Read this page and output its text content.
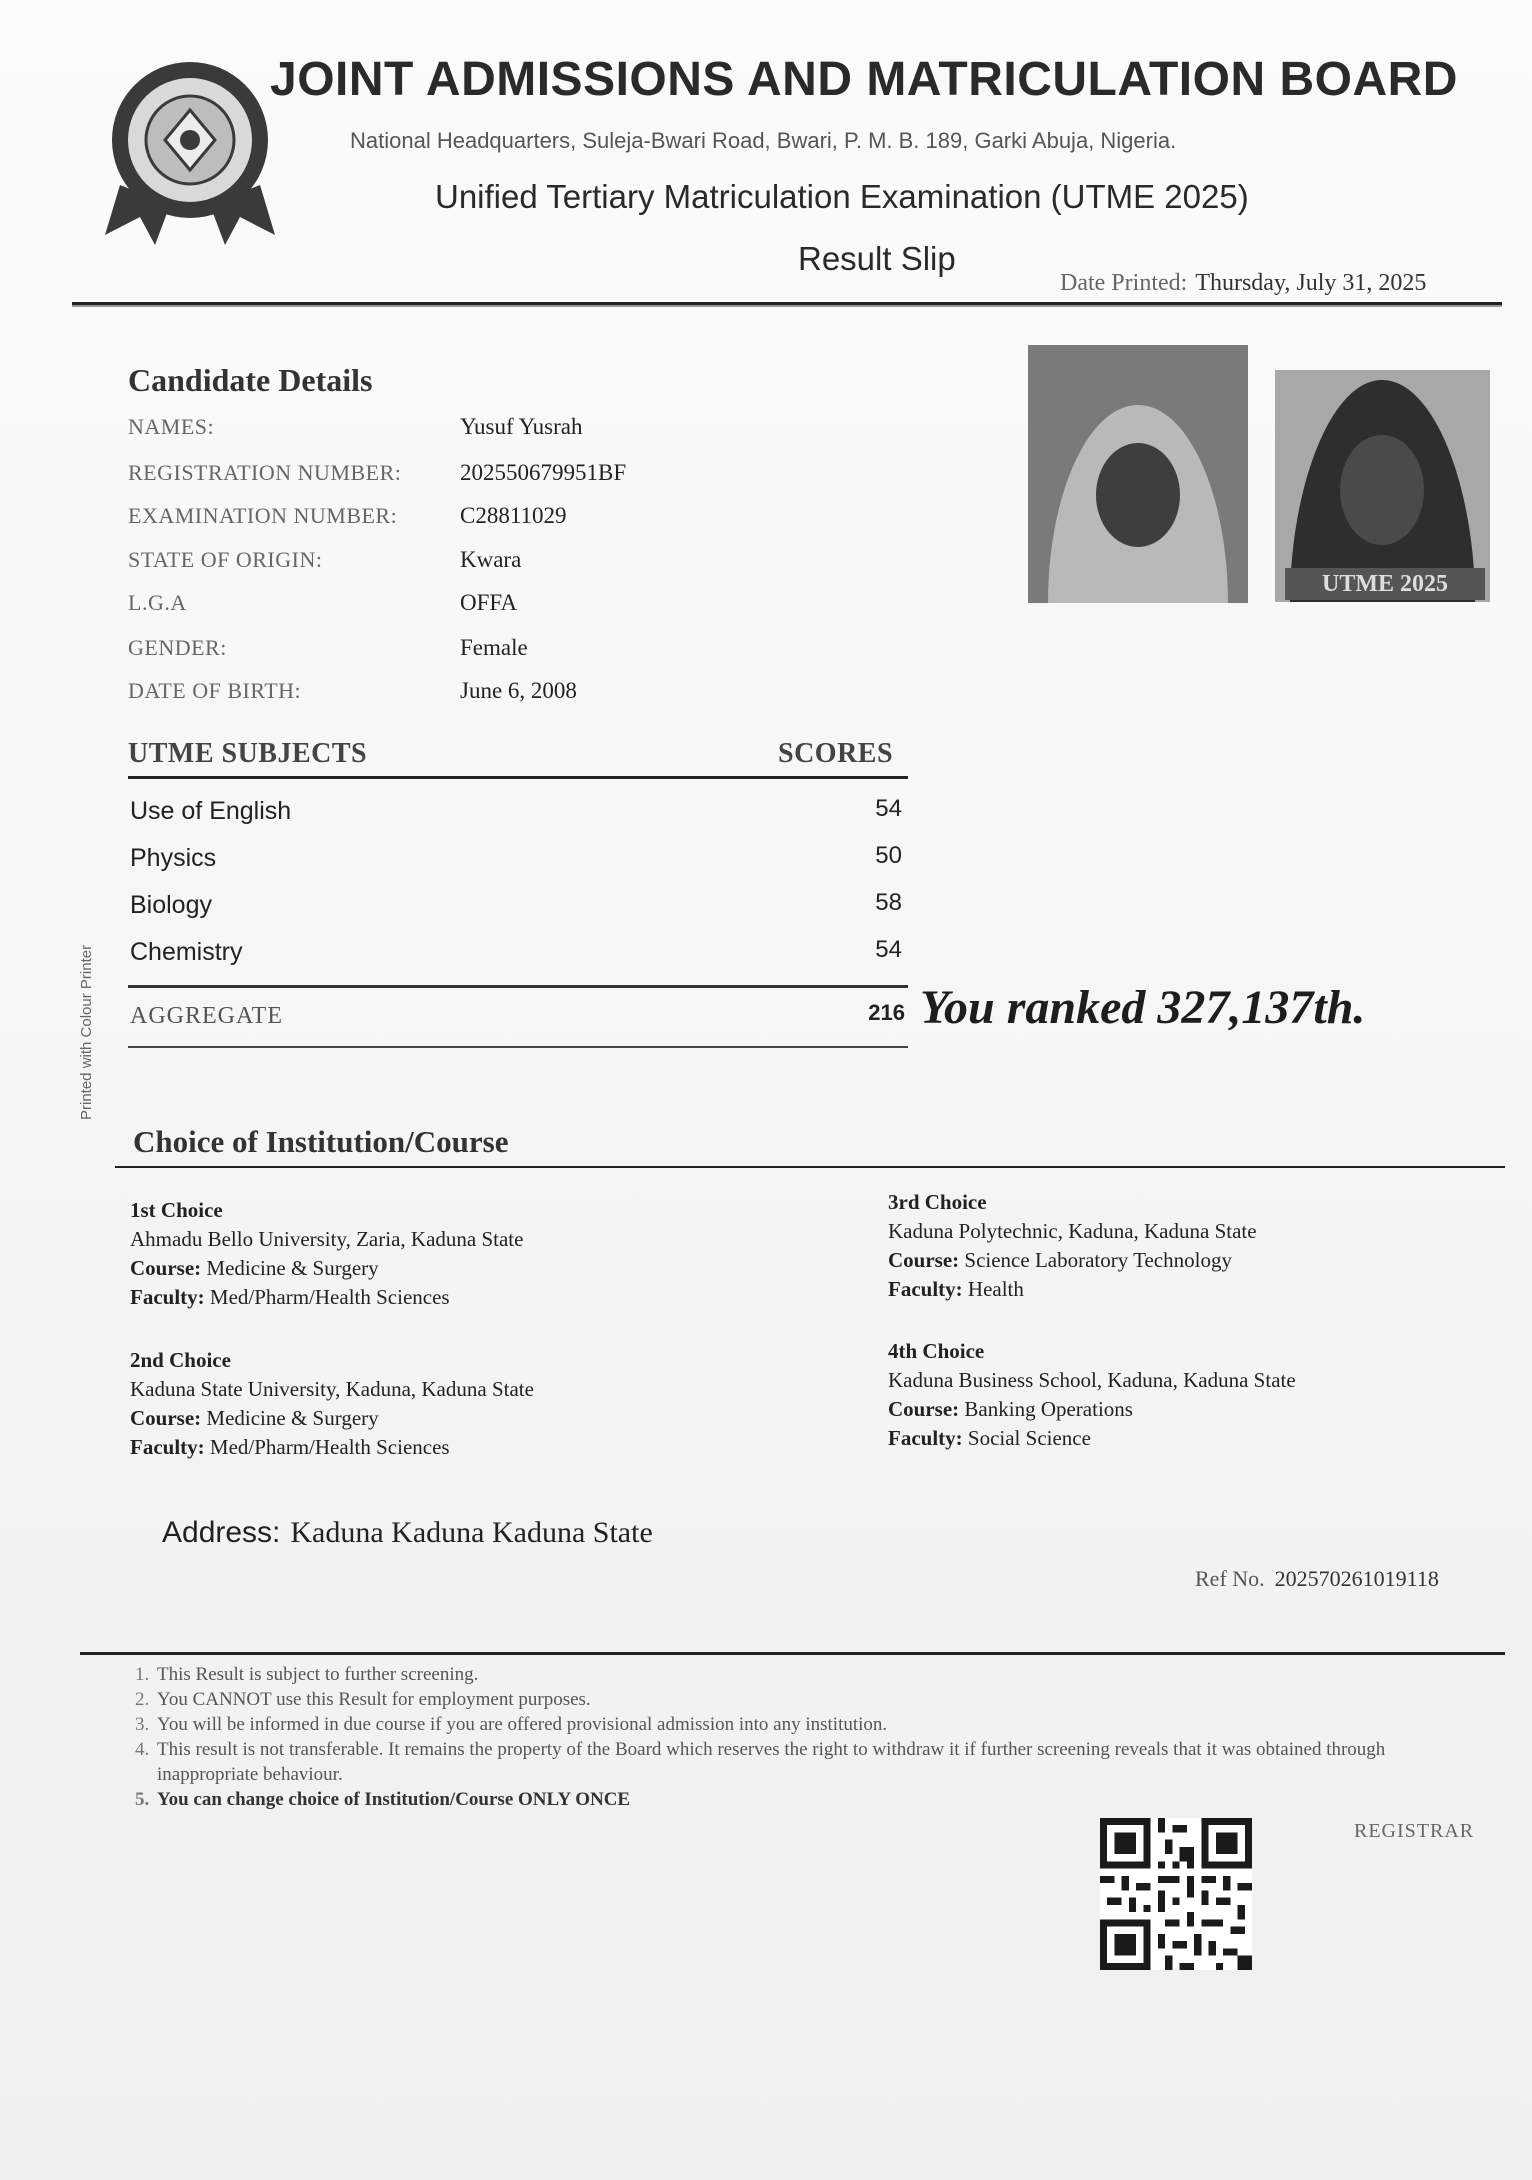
JOINT ADMISSIONS AND MATRICULATION BOARD
National Headquarters, Suleja-Bwari Road, Bwari, P. M. B. 189, Garki Abuja, Nigeria.
Unified Tertiary Matriculation Examination (UTME 2025)
Result Slip
Date Printed: Thursday, July 31, 2025
Candidate Details
NAMES:	Yusuf Yusrah
REGISTRATION NUMBER:	202550679951BF
EXAMINATION NUMBER:	C28811029
STATE OF ORIGIN:	Kwara
L.G.A	OFFA
GENDER:	Female
DATE OF BIRTH:	June 6, 2008
UTME 2025
UTME SUBJECTS	SCORES
Use of English	54
Physics	50
Biology	58
Chemistry	54
AGGREGATE	216 You ranked 327,137th.
Printed with Colour Printer
Choice of Institution/Course
1st Choice
Ahmadu Bello University, Zaria, Kaduna State
Course: Medicine & Surgery
Faculty: Med/Pharm/Health Sciences
2nd Choice
Kaduna State University, Kaduna, Kaduna State
Course: Medicine & Surgery
Faculty: Med/Pharm/Health Sciences
3rd Choice
Kaduna Polytechnic, Kaduna, Kaduna State
Course: Science Laboratory Technology
Faculty: Health
4th Choice
Kaduna Business School, Kaduna, Kaduna State
Course: Banking Operations
Faculty: Social Science
Address: Kaduna Kaduna Kaduna State
Ref No. 202570261019118
1. This Result is subject to further screening.
2. You CANNOT use this Result for employment purposes.
3. You will be informed in due course if you are offered provisional admission into any institution.
4. This result is not transferable. It remains the property of the Board which reserves the right to withdraw it if further screening reveals that it was obtained through inappropriate behaviour.
5. You can change choice of Institution/Course ONLY ONCE
REGISTRAR
